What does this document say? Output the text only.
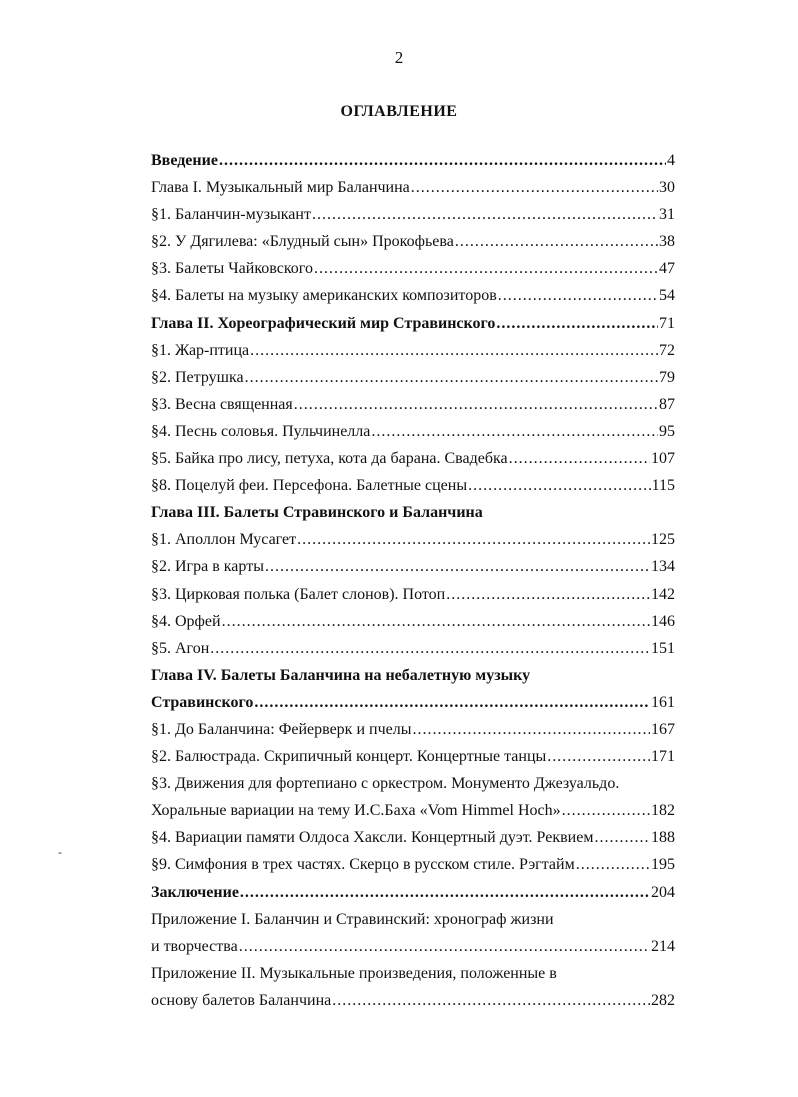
2
ОГЛАВЛЕНИЕ
Введение .....	4
Глава I. Музыкальный мир Баланчина .....	30
§1. Баланчин-музыкант .....	31
§2. У Дягилева: «Блудный сын» Прокофьева .....	38
§3. Балеты Чайковского .....	47
§4. Балеты на музыку американских композиторов .....	54
Глава II. Хореографический мир Стравинского .....	71
§1. Жар-птица .....	72
§2. Петрушка .....	79
§3. Весна священная .....	87
§4. Песнь соловья. Пульчинелла .....	95
§5. Байка про лису, петуха, кота да барана. Свадебка .....	107
§8. Поцелуй феи. Персефона. Балетные сцены .....	115
Глава III. Балеты Стравинского и Баланчина
§1. Аполлон Мусагет .....	125
§2. Игра в карты .....	134
§3. Цирковая полька (Балет слонов). Потоп .....	142
§4. Орфей .....	146
§5. Агон .....	151
Глава IV. Балеты Баланчина на небалетную музыку
Стравинского .....	161
§1. До Баланчина: Фейерверк и пчелы .....	167
§2. Балюстрада. Скрипичный концерт. Концертные танцы .....	171
§3. Движения для фортепиано с оркестром. Монументо Джезуальдо.
Хоральные вариации на тему И.С.Баха «Vom Himmel Hoch» .....	182
§4. Вариации памяти Олдоса Хаксли. Концертный дуэт. Реквием .....	188
§9. Симфония в трех частях. Скерцо в русском стиле. Рэгтайм .....	195
Заключение .....	204
Приложение I. Баланчин и Стравинский: хронограф жизни
и творчества .....	214
Приложение II. Музыкальные произведения, положенные в
основу балетов Баланчина .....	282
-
